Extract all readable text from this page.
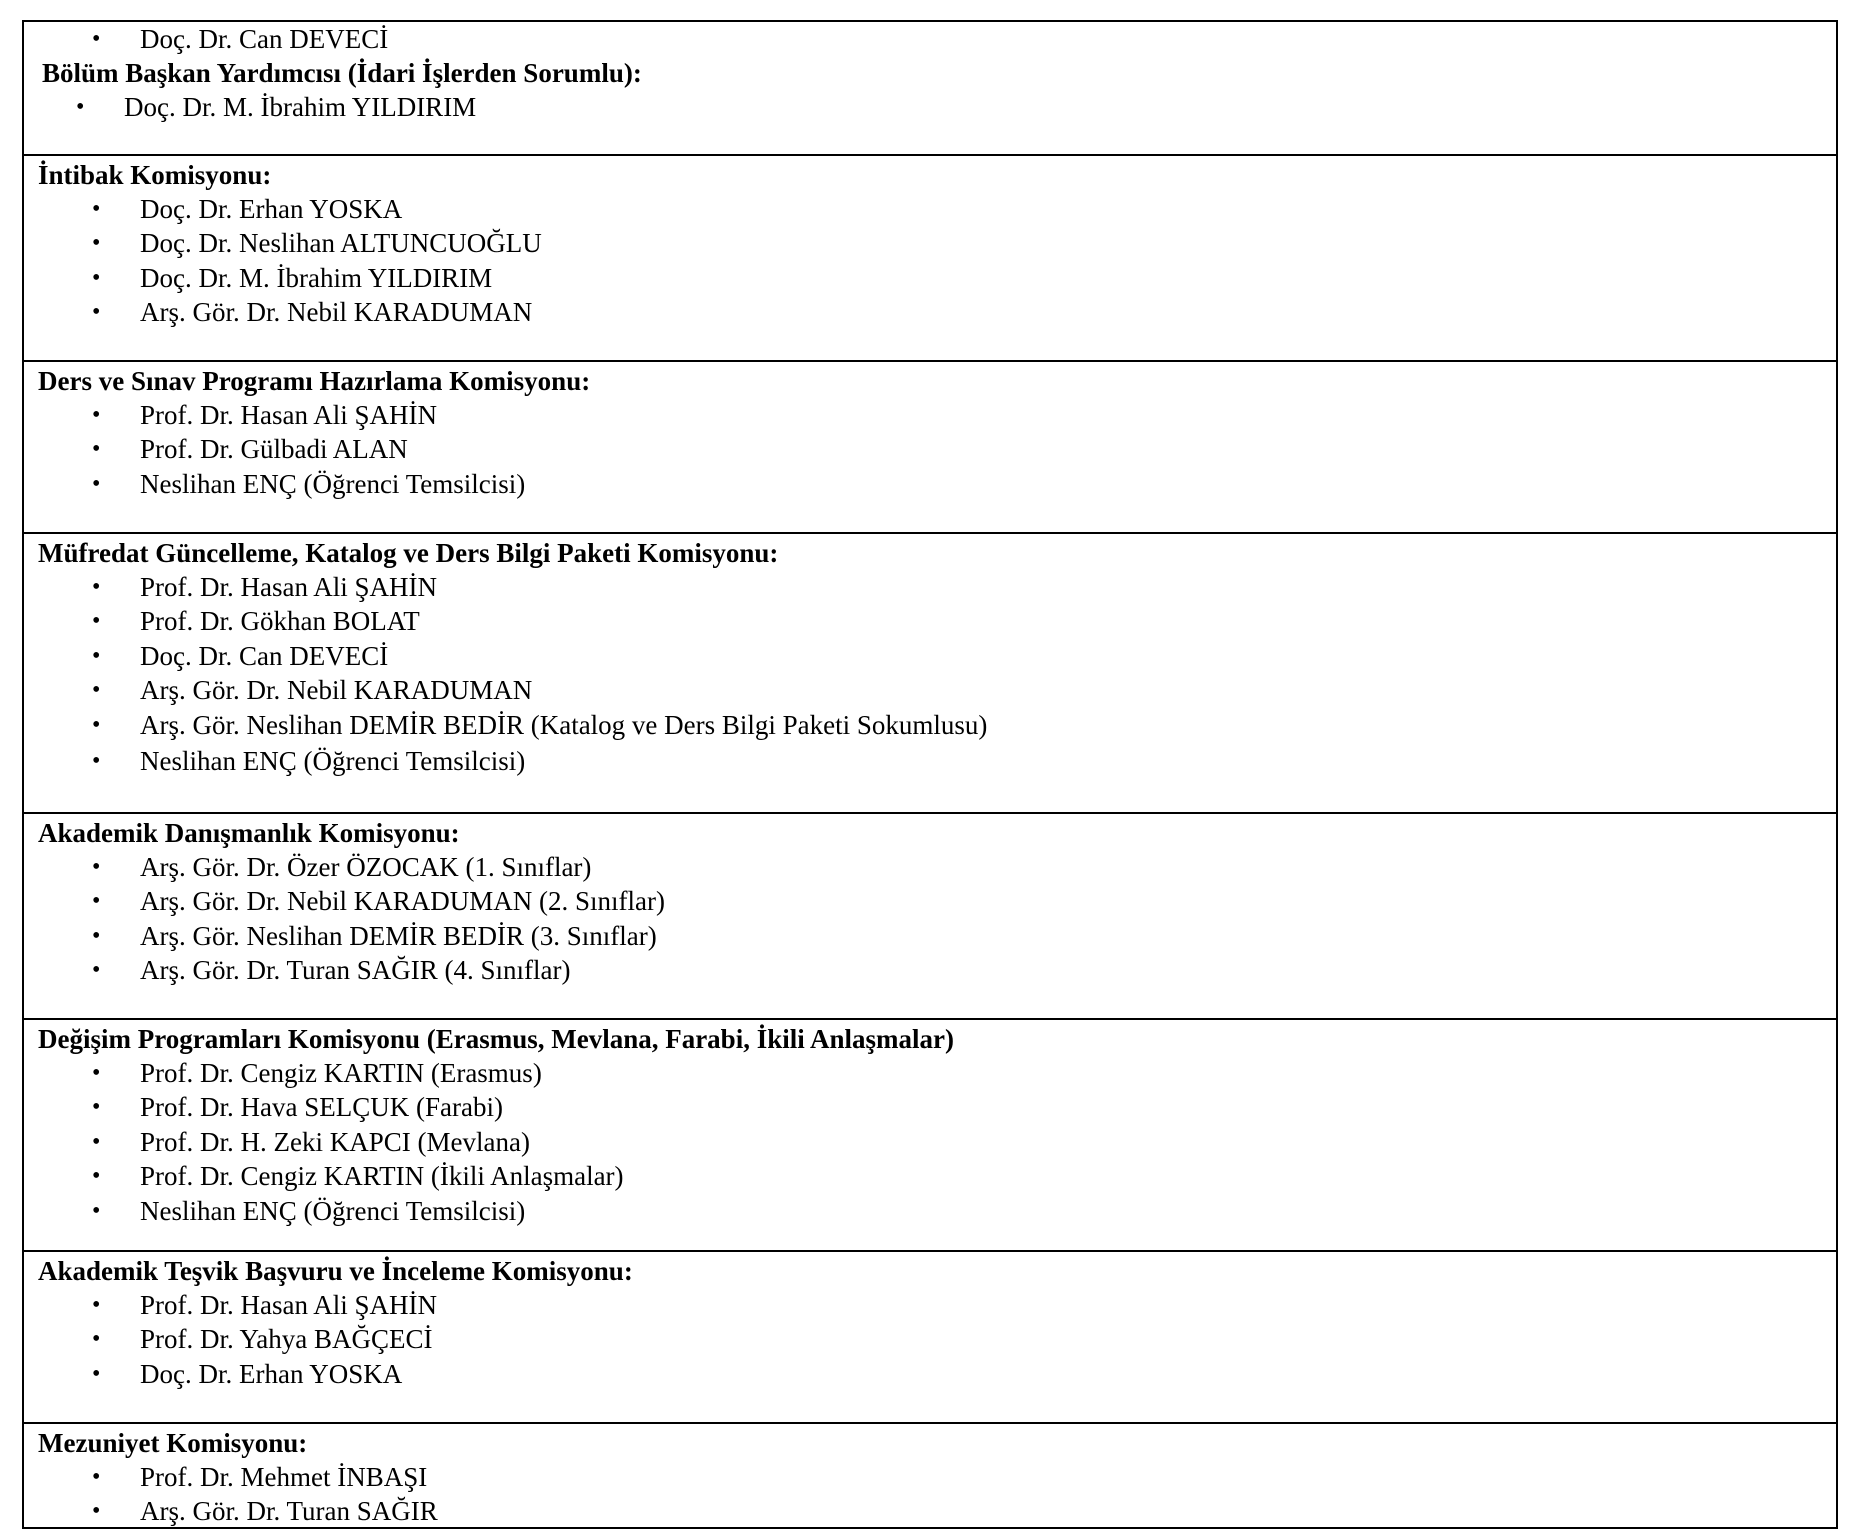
• Doç. Dr. Can DEVECİ
Bölüm Başkan Yardımcısı (İdari İşlerden Sorumlu):
• Doç. Dr. M. İbrahim YILDIRIM
İntibak Komisyonu:
• Doç. Dr. Erhan YOSKA
• Doç. Dr. Neslihan ALTUNCUOĞLU
• Doç. Dr. M. İbrahim YILDIRIM
• Arş. Gör. Dr. Nebil KARADUMAN
Ders ve Sınav Programı Hazırlama Komisyonu:
• Prof. Dr. Hasan Ali ŞAHİN
• Prof. Dr. Gülbadi ALAN
• Neslihan ENÇ (Öğrenci Temsilcisi)
Müfredat Güncelleme, Katalog ve Ders Bilgi Paketi Komisyonu:
• Prof. Dr. Hasan Ali ŞAHİN
• Prof. Dr. Gökhan BOLAT
• Doç. Dr. Can DEVECİ
• Arş. Gör. Dr. Nebil KARADUMAN
• Arş. Gör. Neslihan DEMİR BEDİR (Katalog ve Ders Bilgi Paketi Sokumlusu)
• Neslihan ENÇ (Öğrenci Temsilcisi)
Akademik Danışmanlık Komisyonu:
• Arş. Gör. Dr. Özer ÖZOCAK (1. Sınıflar)
• Arş. Gör. Dr. Nebil KARADUMAN (2. Sınıflar)
• Arş. Gör. Neslihan DEMİR BEDİR (3. Sınıflar)
• Arş. Gör. Dr. Turan SAĞIR (4. Sınıflar)
Değişim Programları Komisyonu (Erasmus, Mevlana, Farabi, İkili Anlaşmalar)
• Prof. Dr. Cengiz KARTIN (Erasmus)
• Prof. Dr. Hava SELÇUK (Farabi)
• Prof. Dr. H. Zeki KAPCI (Mevlana)
• Prof. Dr. Cengiz KARTIN (İkili Anlaşmalar)
• Neslihan ENÇ (Öğrenci Temsilcisi)
Akademik Teşvik Başvuru ve İnceleme Komisyonu:
• Prof. Dr. Hasan Ali ŞAHİN
• Prof. Dr. Yahya BAĞÇECİ
• Doç. Dr. Erhan YOSKA
Mezuniyet Komisyonu:
• Prof. Dr. Mehmet İNBAŞI
• Arş. Gör. Dr. Turan SAĞIR
